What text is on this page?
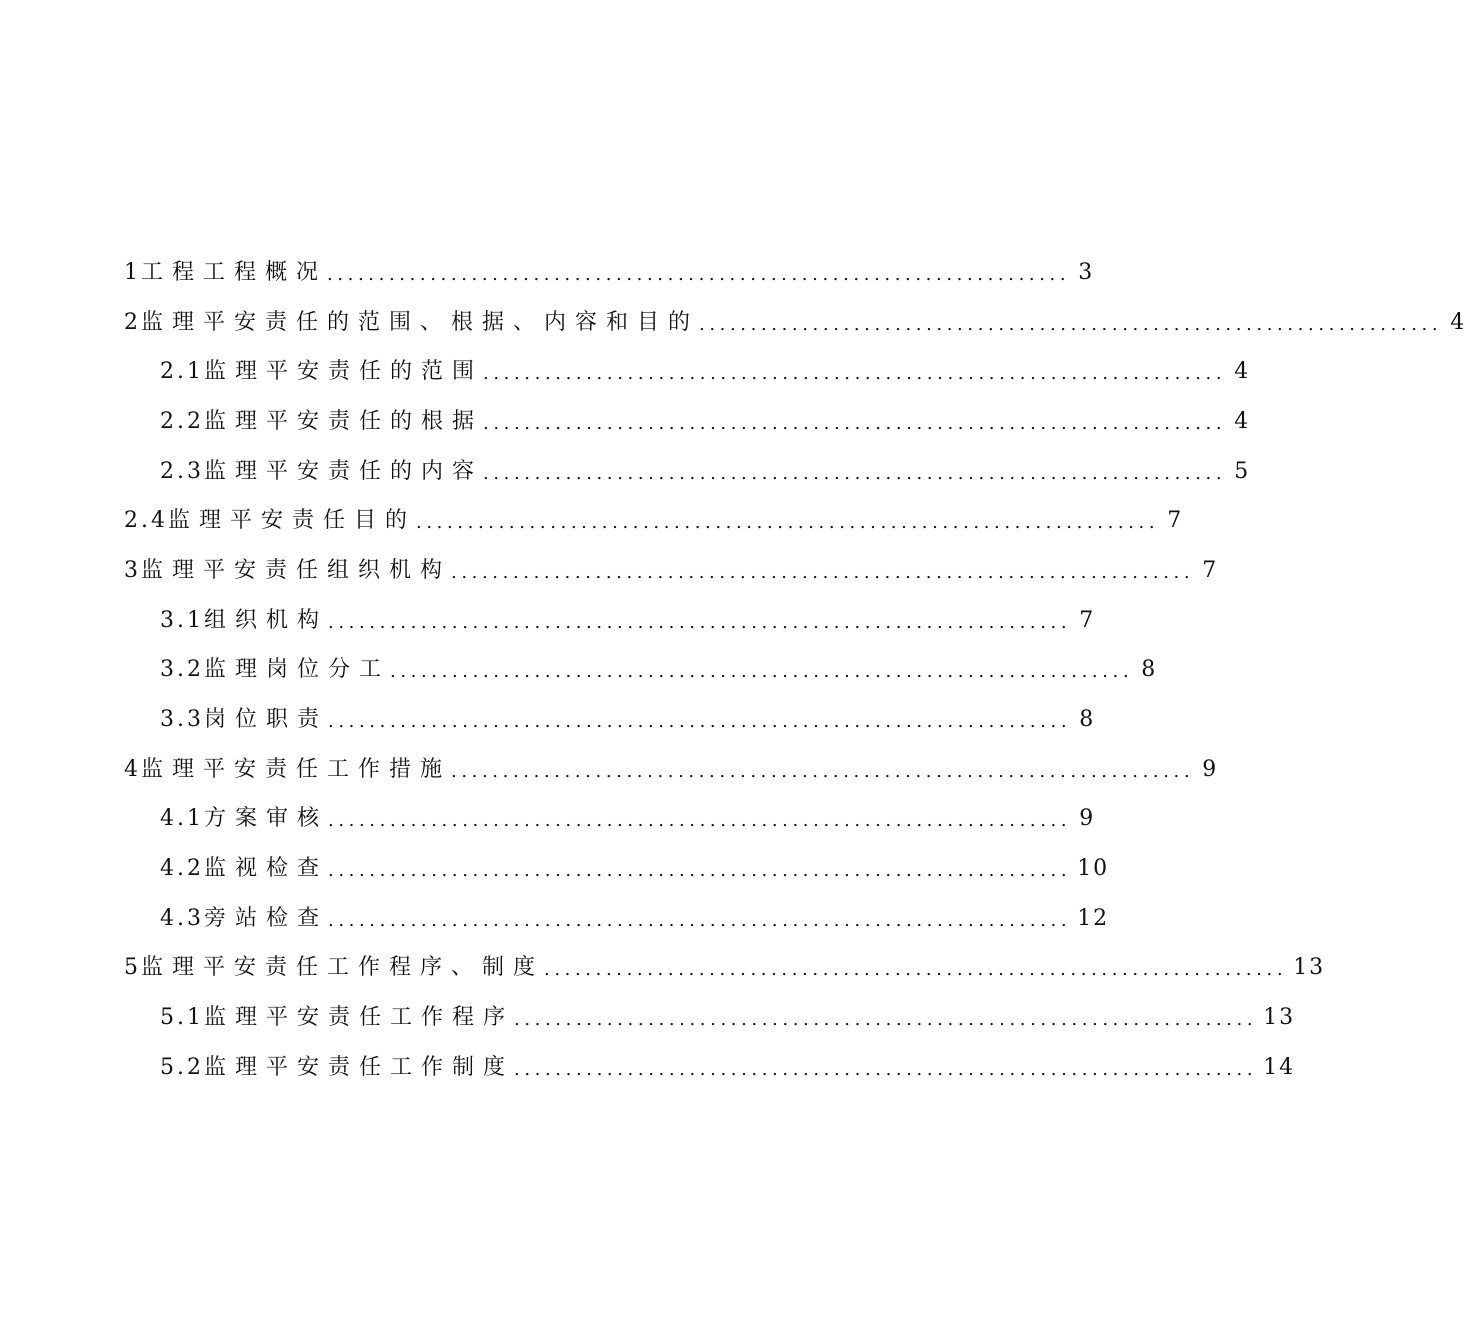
1 工程工程概况 ........................................................................ 3
2 监理平安责任的范围、根据、内容和目的 ........................................................................ 4
2.1 监理平安责任的范围 ........................................................................ 4
2.2 监理平安责任的根据 ........................................................................ 4
2.3 监理平安责任的内容 ........................................................................ 5
2.4 监理平安责任目的 ........................................................................ 7
3 监理平安责任组织机构 ........................................................................ 7
3.1 组织机构 ........................................................................ 7
3.2 监理岗位分工 ........................................................................ 8
3.3 岗位职责 ........................................................................ 8
4 监理平安责任工作措施 ........................................................................ 9
4.1 方案审核 ........................................................................ 9
4.2 监视检查 ........................................................................ 10
4.3 旁站检查 ........................................................................ 12
5 监理平安责任工作程序、制度 ........................................................................ 13
5.1 监理平安责任工作程序 ........................................................................ 13
5.2 监理平安责任工作制度 ........................................................................ 14
